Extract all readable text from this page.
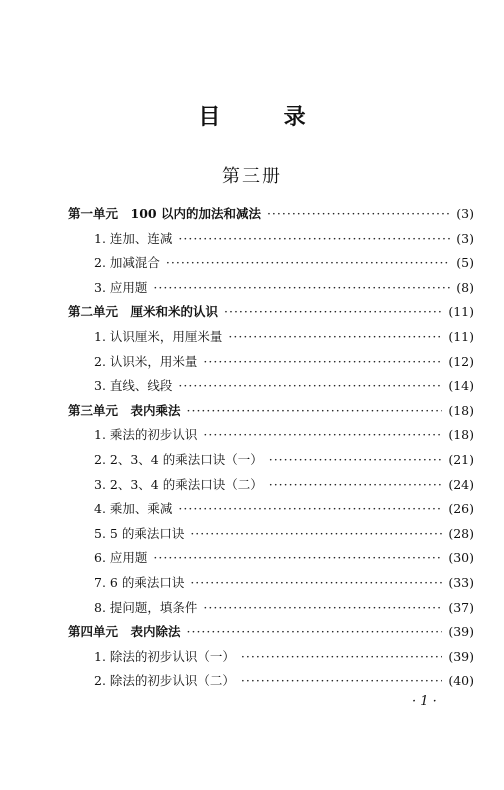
目	录
第三册
第一单元　100 以内的加法和减法 ·····	(3)
1. 连加、连减 ·····	(3)
2. 加减混合 ·····	(5)
3. 应用题 ·····	(8)
第二单元　厘米和米的认识 ·····	(11)
1. 认识厘米，用厘米量 ·····	(11)
2. 认识米，用米量 ·····	(12)
3. 直线、线段 ·····	(14)
第三单元　表内乘法 ·····	(18)
1. 乘法的初步认识 ·····	(18)
2. 2、3、4 的乘法口诀（一） ·····	(21)
3. 2、3、4 的乘法口诀（二） ·····	(24)
4. 乘加、乘减 ·····	(26)
5. 5 的乘法口诀 ·····	(28)
6. 应用题 ·····	(30)
7. 6 的乘法口诀 ·····	(33)
8. 提问题，填条件 ·····	(37)
第四单元　表内除法 ·····	(39)
1. 除法的初步认识（一） ·····	(39)
2. 除法的初步认识（二） ·····	(40)
· 1 ·
